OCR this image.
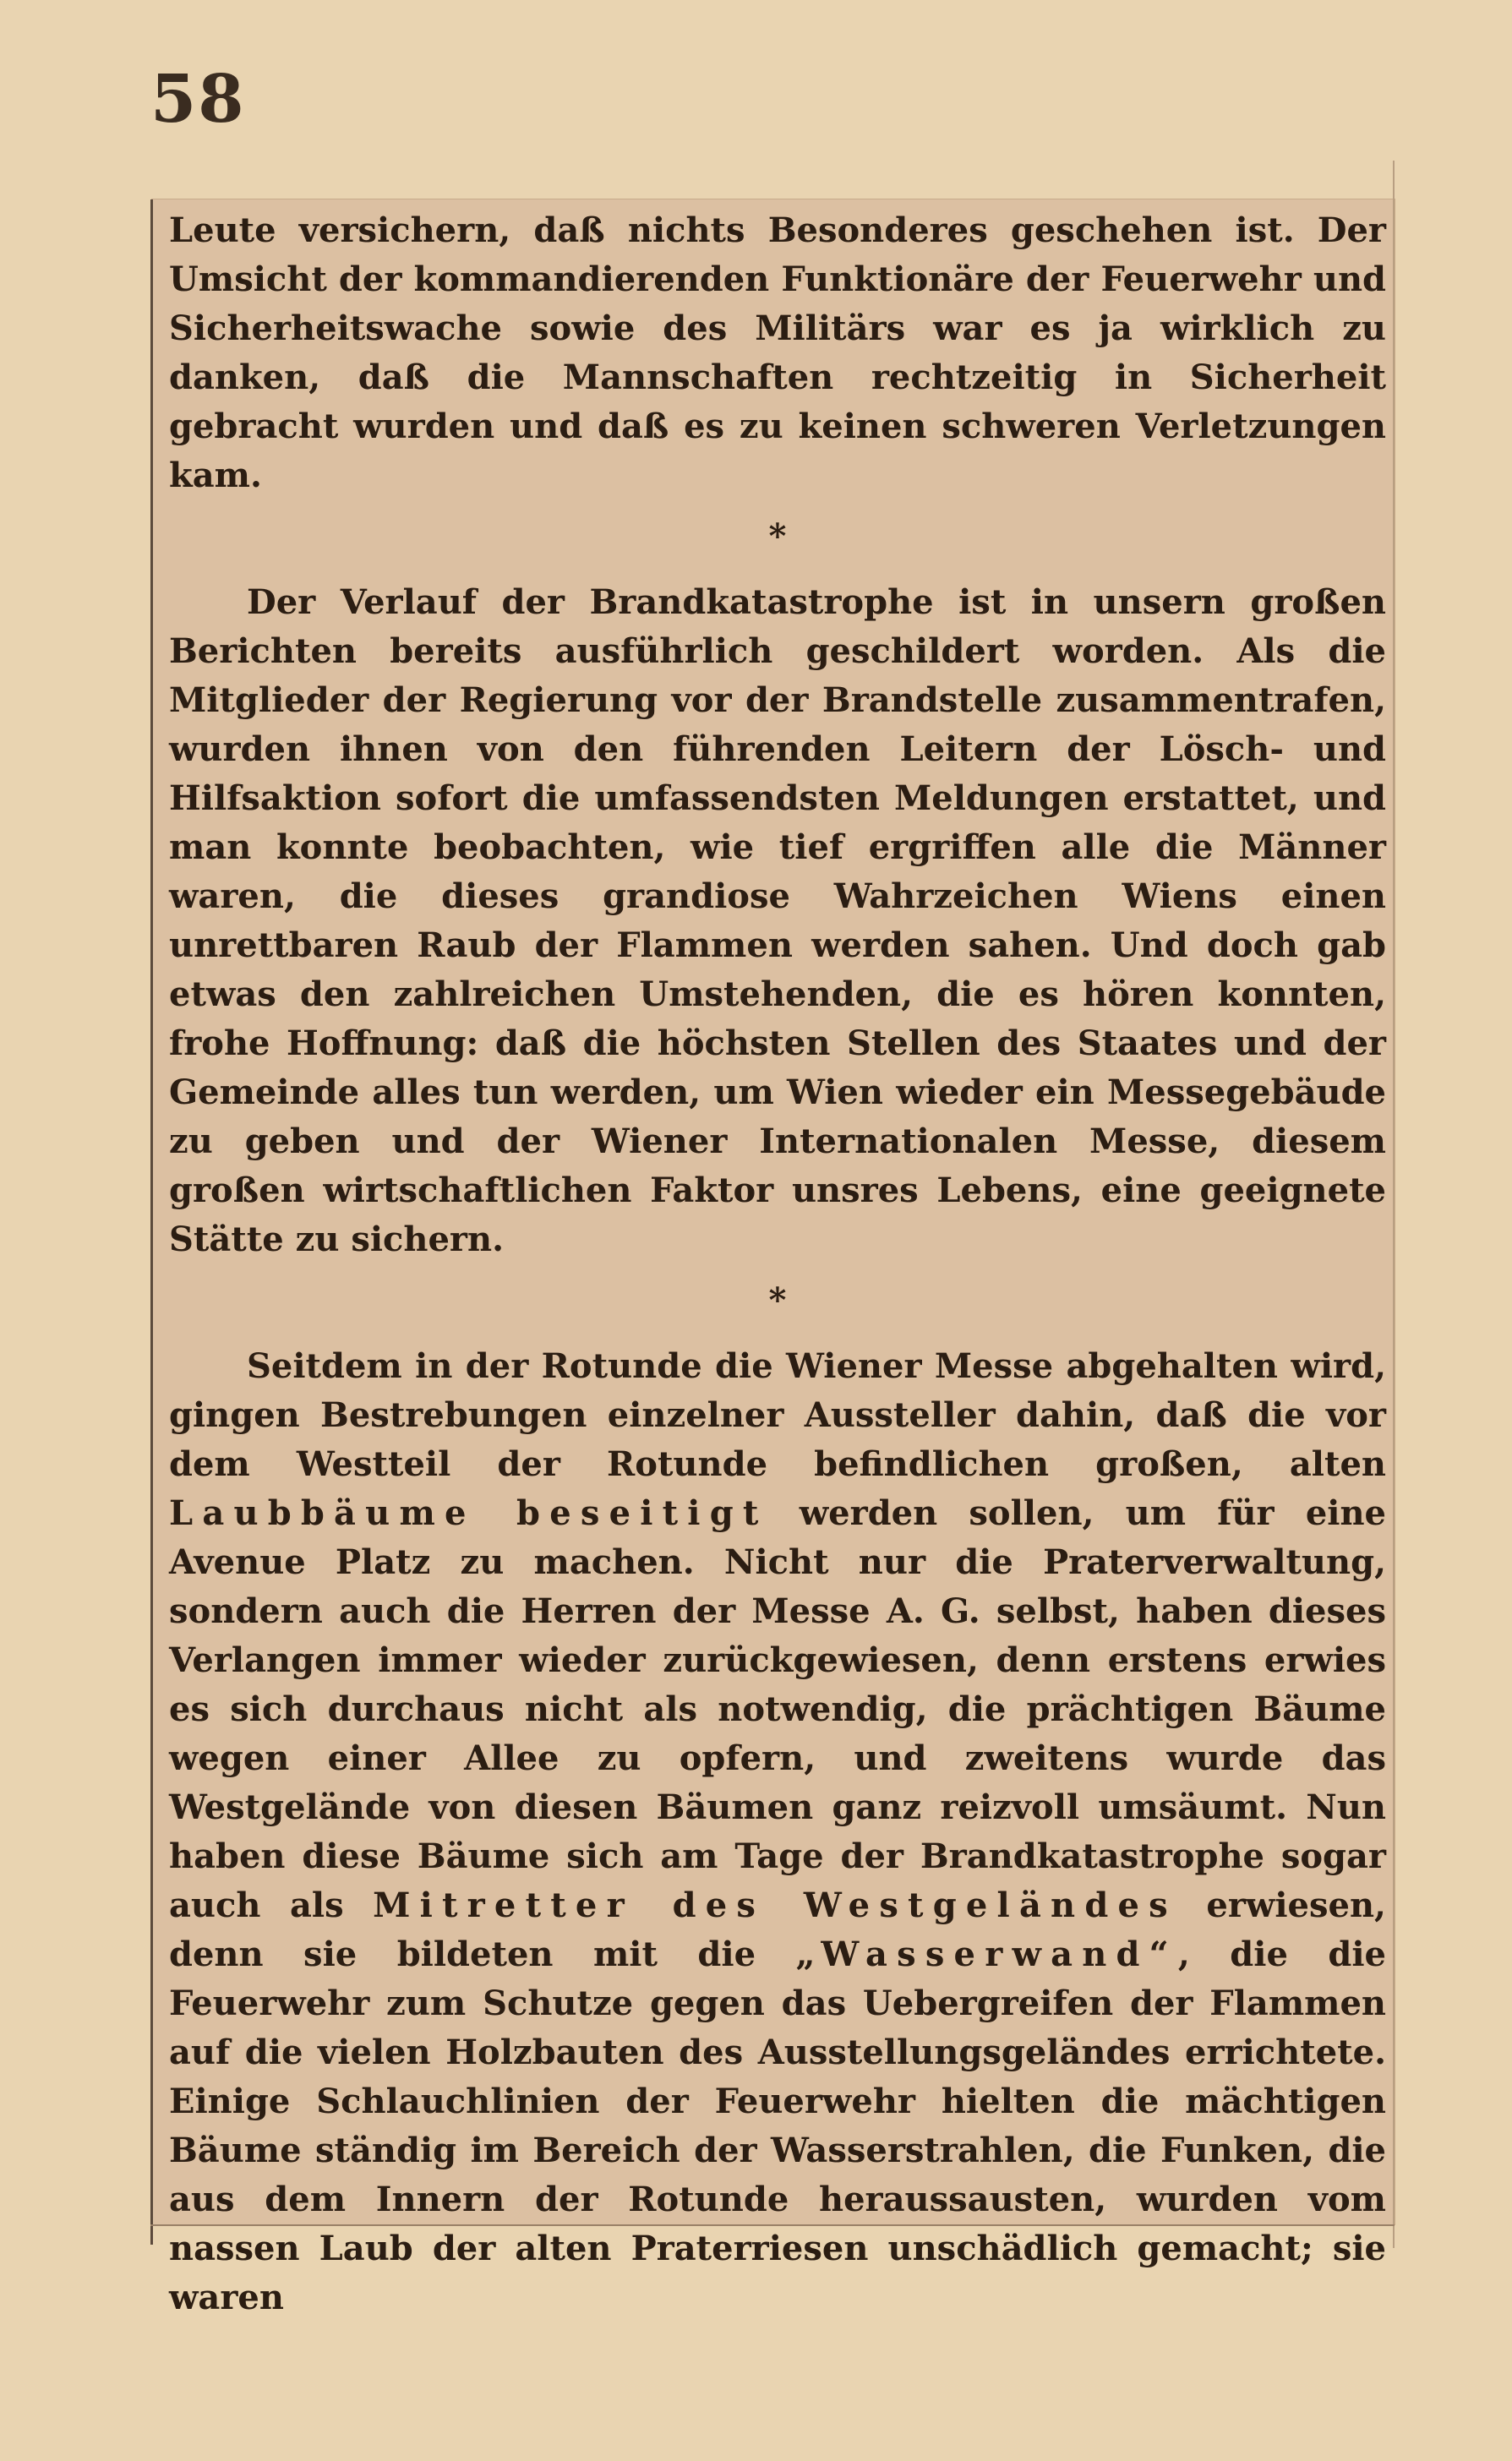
58

Leute versichern, daß nichts Besonderes geschehen ist. Der Umsicht der kommandierenden Funktionäre der Feuerwehr und Sicherheitswache sowie des Militärs war es ja wirklich zu danken, daß die Mannschaften rechtzeitig in Sicherheit gebracht wurden und daß es zu keinen schweren Verletzungen kam.

*

Der Verlauf der Brandkatastrophe ist in unsern großen Berichten bereits ausführlich geschildert worden. Als die Mitglieder der Regierung vor der Brandstelle zusammentrafen, wurden ihnen von den führenden Leitern der Lösch- und Hilfsaktion sofort die umfassendsten Meldungen erstattet, und man konnte beobachten, wie tief ergriffen alle die Männer waren, die dieses grandiose Wahrzeichen Wiens einen unrettbaren Raub der Flammen werden sahen. Und doch gab etwas den zahlreichen Umstehenden, die es hören konnten, frohe Hoffnung: daß die höchsten Stellen des Staates und der Gemeinde alles tun werden, um Wien wieder ein Messegebäude zu geben und der Wiener Internationalen Messe, diesem großen wirtschaftlichen Faktor unsres Lebens, eine geeignete Stätte zu sichern.

*

Seitdem in der Rotunde die Wiener Messe abgehalten wird, gingen Bestrebungen einzelner Aussteller dahin, daß die vor dem Westteil der Rotunde befindlichen großen, alten Laubbäume beseitigt werden sollen, um für eine Avenue Platz zu machen. Nicht nur die Praterverwaltung, sondern auch die Herren der Messe A. G. selbst, haben dieses Verlangen immer wieder zurückgewiesen, denn erstens erwies es sich durchaus nicht als notwendig, die prächtigen Bäume wegen einer Allee zu opfern, und zweitens wurde das Westgelände von diesen Bäumen ganz reizvoll umsäumt. Nun haben diese Bäume sich am Tage der Brandkatastrophe sogar auch als Mitretter des Westgeländes erwiesen, denn sie bildeten mit die „Wasserwand“, die die Feuerwehr zum Schutze gegen das Uebergreifen der Flammen auf die vielen Holzbauten des Ausstellungsgeländes errichtete. Einige Schlauchlinien der Feuerwehr hielten die mächtigen Bäume ständig im Bereich der Wasserstrahlen, die Funken, die aus dem Innern der Rotunde heraussausten, wurden vom nassen Laub der alten Praterriesen unschädlich gemacht; sie waren
